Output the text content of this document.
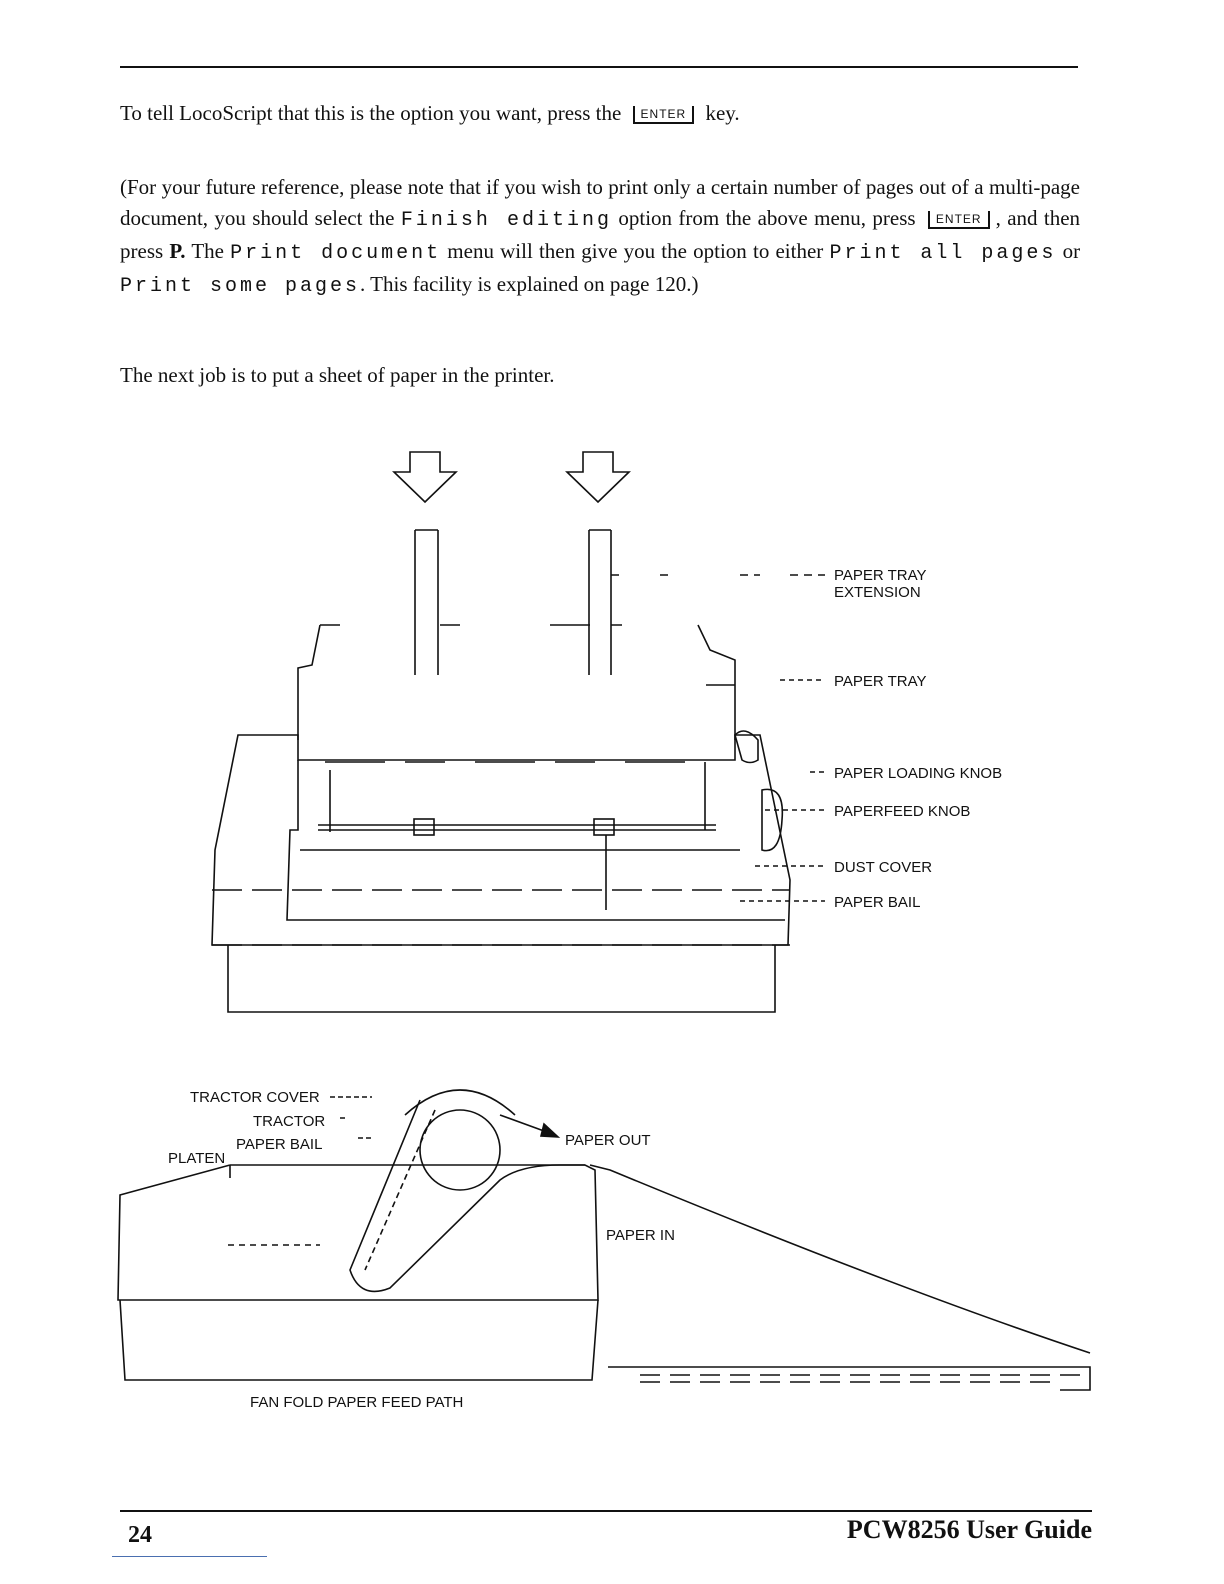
To tell LocoScript that this is the option you want, press the ENTER key.

(For your future reference, please note that if you wish to print only a certain number of pages out of a multi-page document, you should select the Finish editing option from the above menu, press ENTER , and then press P. The Print document menu will then give you the option to either Print all pages or Print some pages. This facility is explained on page 120.)

The next job is to put a sheet of paper in the printer.

PAPER TRAY
EXTENSION
PAPER TRAY
PAPER LOADING KNOB
PAPERFEED KNOB
DUST COVER
PAPER BAIL
TRACTOR COVER
TRACTOR
PAPER BAIL
PLATEN
PAPER OUT
PAPER IN
FAN FOLD PAPER FEED PATH
24	PCW8256 User Guide
